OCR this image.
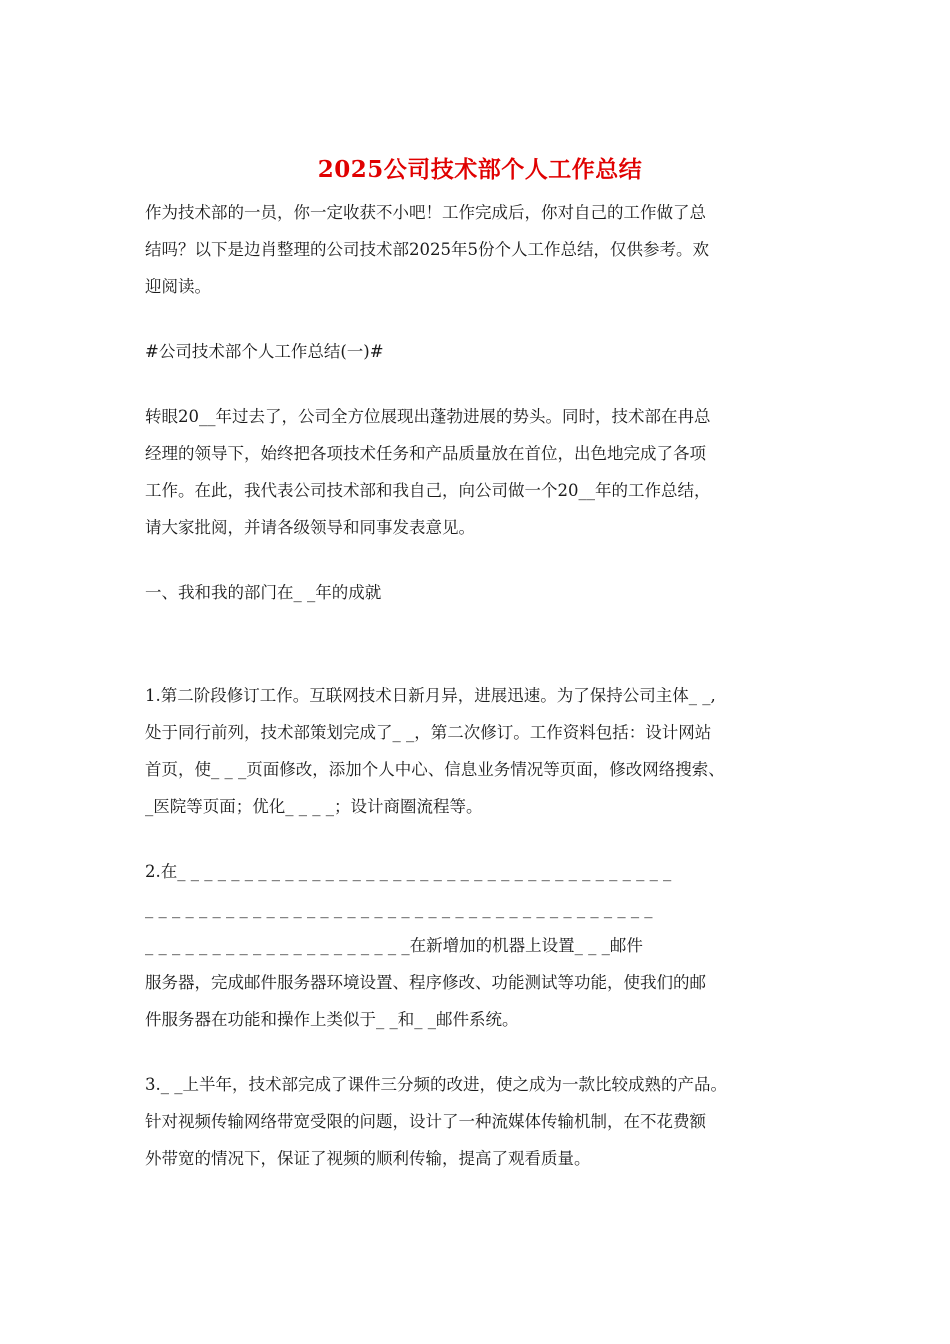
2025公司技术部个人工作总结

作为技术部的一员，你一定收获不小吧！工作完成后，你对自己的工作做了总

结吗？以下是边肖整理的公司技术部2025年5份个人工作总结，仅供参考。欢

迎阅读。

#公司技术部个人工作总结(一)#

转眼20__年过去了，公司全方位展现出蓬勃进展的势头。同时，技术部在冉总

经理的领导下，始终把各项技术任务和产品质量放在首位，出色地完成了各项

工作。在此，我代表公司技术部和我自己，向公司做一个20__年的工作总结，

请大家批阅，并请各级领导和同事发表意见。

一、我和我的部门在_ _年的成就

1.第二阶段修订工作。互联网技术日新月异，进展迅速。为了保持公司主体_ _,

处于同行前列，技术部策划完成了_ _，第二次修订。工作资料包括：设计网站

首页，使_ _ _页面修改，添加个人中心、信息业务情况等页面，修改网络搜索、

_医院等页面；优化_ _ _ _；设计商圈流程等。

2.在_ _ _ _ _ _ _ _ _ _ _ _ _ _ _ _ _ _ _ _ _ _ _ _ _ _ _ _ _ _ _ _ _ _ _ _ _

_ _ _ _ _ _ _ _ _ _ _ _ _ _ _ _ _ _ _ _ _ _ _ _ _ _ _ _ _ _ _ _ _ _ _ _ _ _

_ _ _ _ _ _ _ _ _ _ _ _ _ _ _ _ _ _ _ _在新增加的机器上设置_ _ _邮件

服务器，完成邮件服务器环境设置、程序修改、功能测试等功能，使我们的邮

件服务器在功能和操作上类似于_ _和_ _邮件系统。

3._ _上半年，技术部完成了课件三分频的改进，使之成为一款比较成熟的产品。

针对视频传输网络带宽受限的问题，设计了一种流媒体传输机制，在不花费额

外带宽的情况下，保证了视频的顺利传输，提高了观看质量。
